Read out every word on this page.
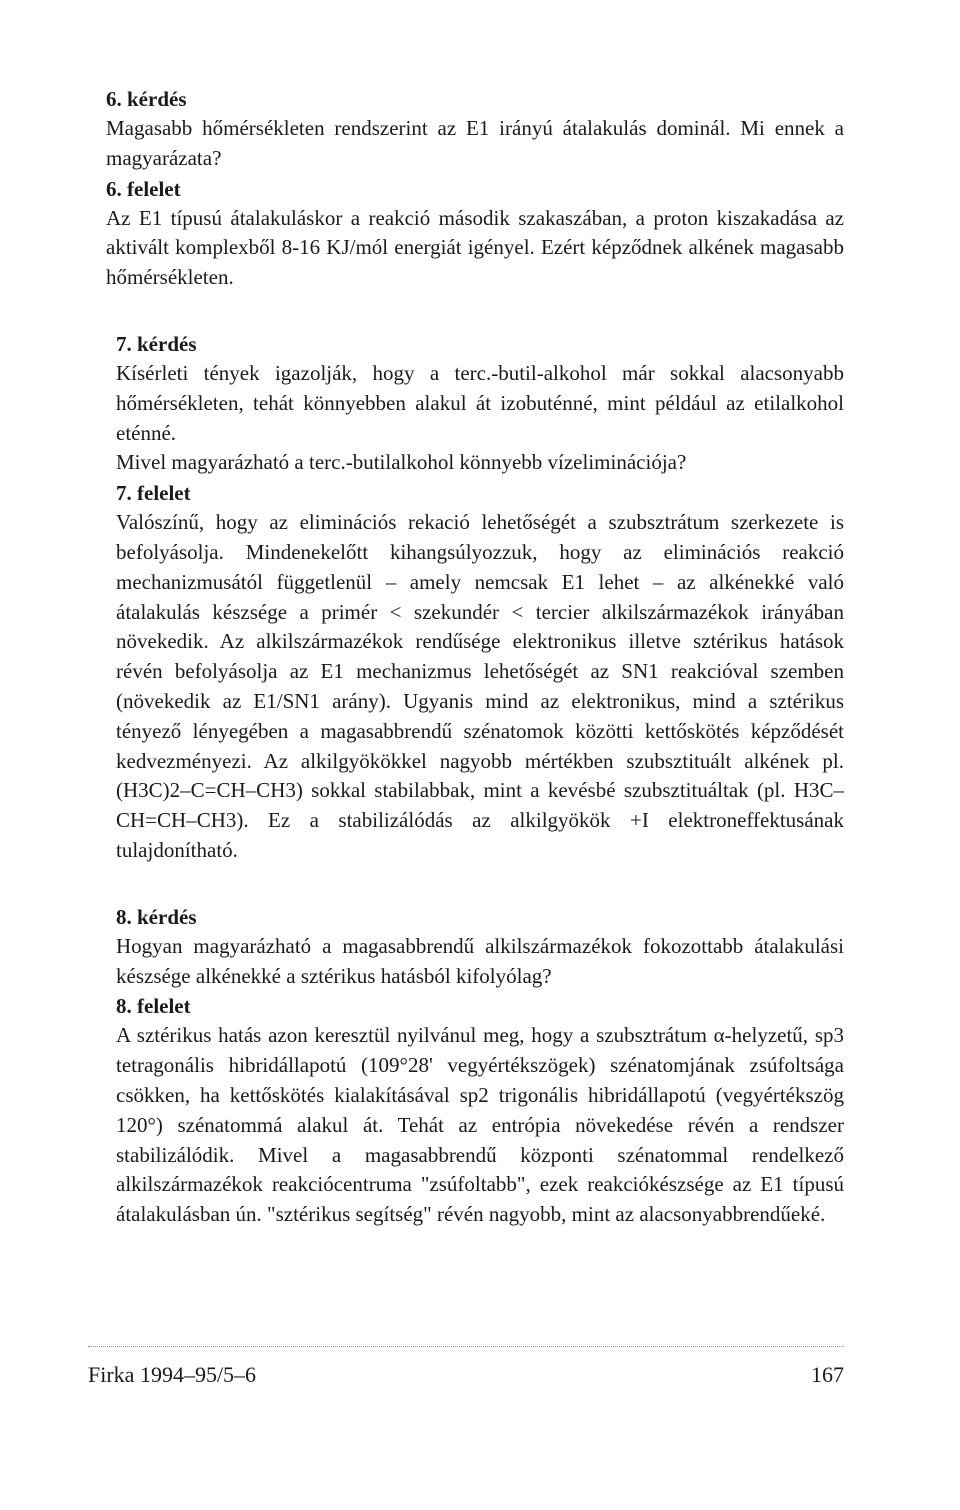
6. kérdés

Magasabb hőmérsékleten rendszerint az E1 irányú átalakulás dominál. Mi ennek a magyarázata?

6. felelet

Az E1 típusú átalakuláskor a reakció második szakaszában, a proton kiszakadása az aktivált komplexből 8-16 KJ/mól energiát igényel. Ezért képződnek alkének magasabb hőmérsékleten.

7. kérdés

Kísérleti tények igazolják, hogy a terc.-butil-alkohol már sokkal alacsonyabb hőmérsékleten, tehát könnyebben alakul át izobuténné, mint például az etilalkohol eténné.

Mivel magyarázható a terc.-butilalkohol könnyebb vízeliminációja?

7. felelet

Valószínű, hogy az eliminációs rekació lehetőségét a szubsztrátum szerkezete is befolyásolja. Mindenekelőtt kihangsúlyozzuk, hogy az eliminációs reakció mechanizmusától függetlenül – amely nemcsak E1 lehet – az alkénekké való átalakulás készsége a primér < szekundér < tercier alkilszármazékok irányában növekedik. Az alkilszármazékok rendűsége elektronikus illetve sztérikus hatások révén befolyásolja az E1 mechanizmus lehetőségét az SN1 reakcióval szemben (növekedik az E1/SN1 arány). Ugyanis mind az elektronikus, mind a sztérikus tényező lényegében a magasabbrendű szénatomok közötti kettőskötés képződését kedvezményezi. Az alkilgyökökkel nagyobb mértékben szubsztituált alkének pl. (H3C)2–C=CH–CH3) sokkal stabilabbak, mint a kevésbé szubsztituáltak (pl. H3C–CH=CH–CH3). Ez a stabilizálódás az alkilgyökök +I elektroneffektusának tulajdonítható.

8. kérdés

Hogyan magyarázható a magasabbrendű alkilszármazékok fokozottabb átalakulási készsége alkénekké a sztérikus hatásból kifolyólag?

8. felelet

A sztérikus hatás azon keresztül nyilvánul meg, hogy a szubsztrátum α-helyzetű, sp3 tetragonális hibridállapotú (109°28' vegyértékszögek) szénatomjának zsúfoltsága csökken, ha kettőskötés kialakításával sp2 trigonális hibridállapotú (vegyértékszög 120°) szénatommá alakul át. Tehát az entrópia növekedése révén a rendszer stabilizálódik. Mivel a magasabbrendű központi szénatommal rendelkező alkilszármazékok reakciócentruma "zsúfoltabb", ezek reakciókészsége az E1 típusú átalakulásban ún. "sztérikus segítség" révén nagyobb, mint az alacsonyabbrendűeké.

Firka 1994–95/5–6	167
